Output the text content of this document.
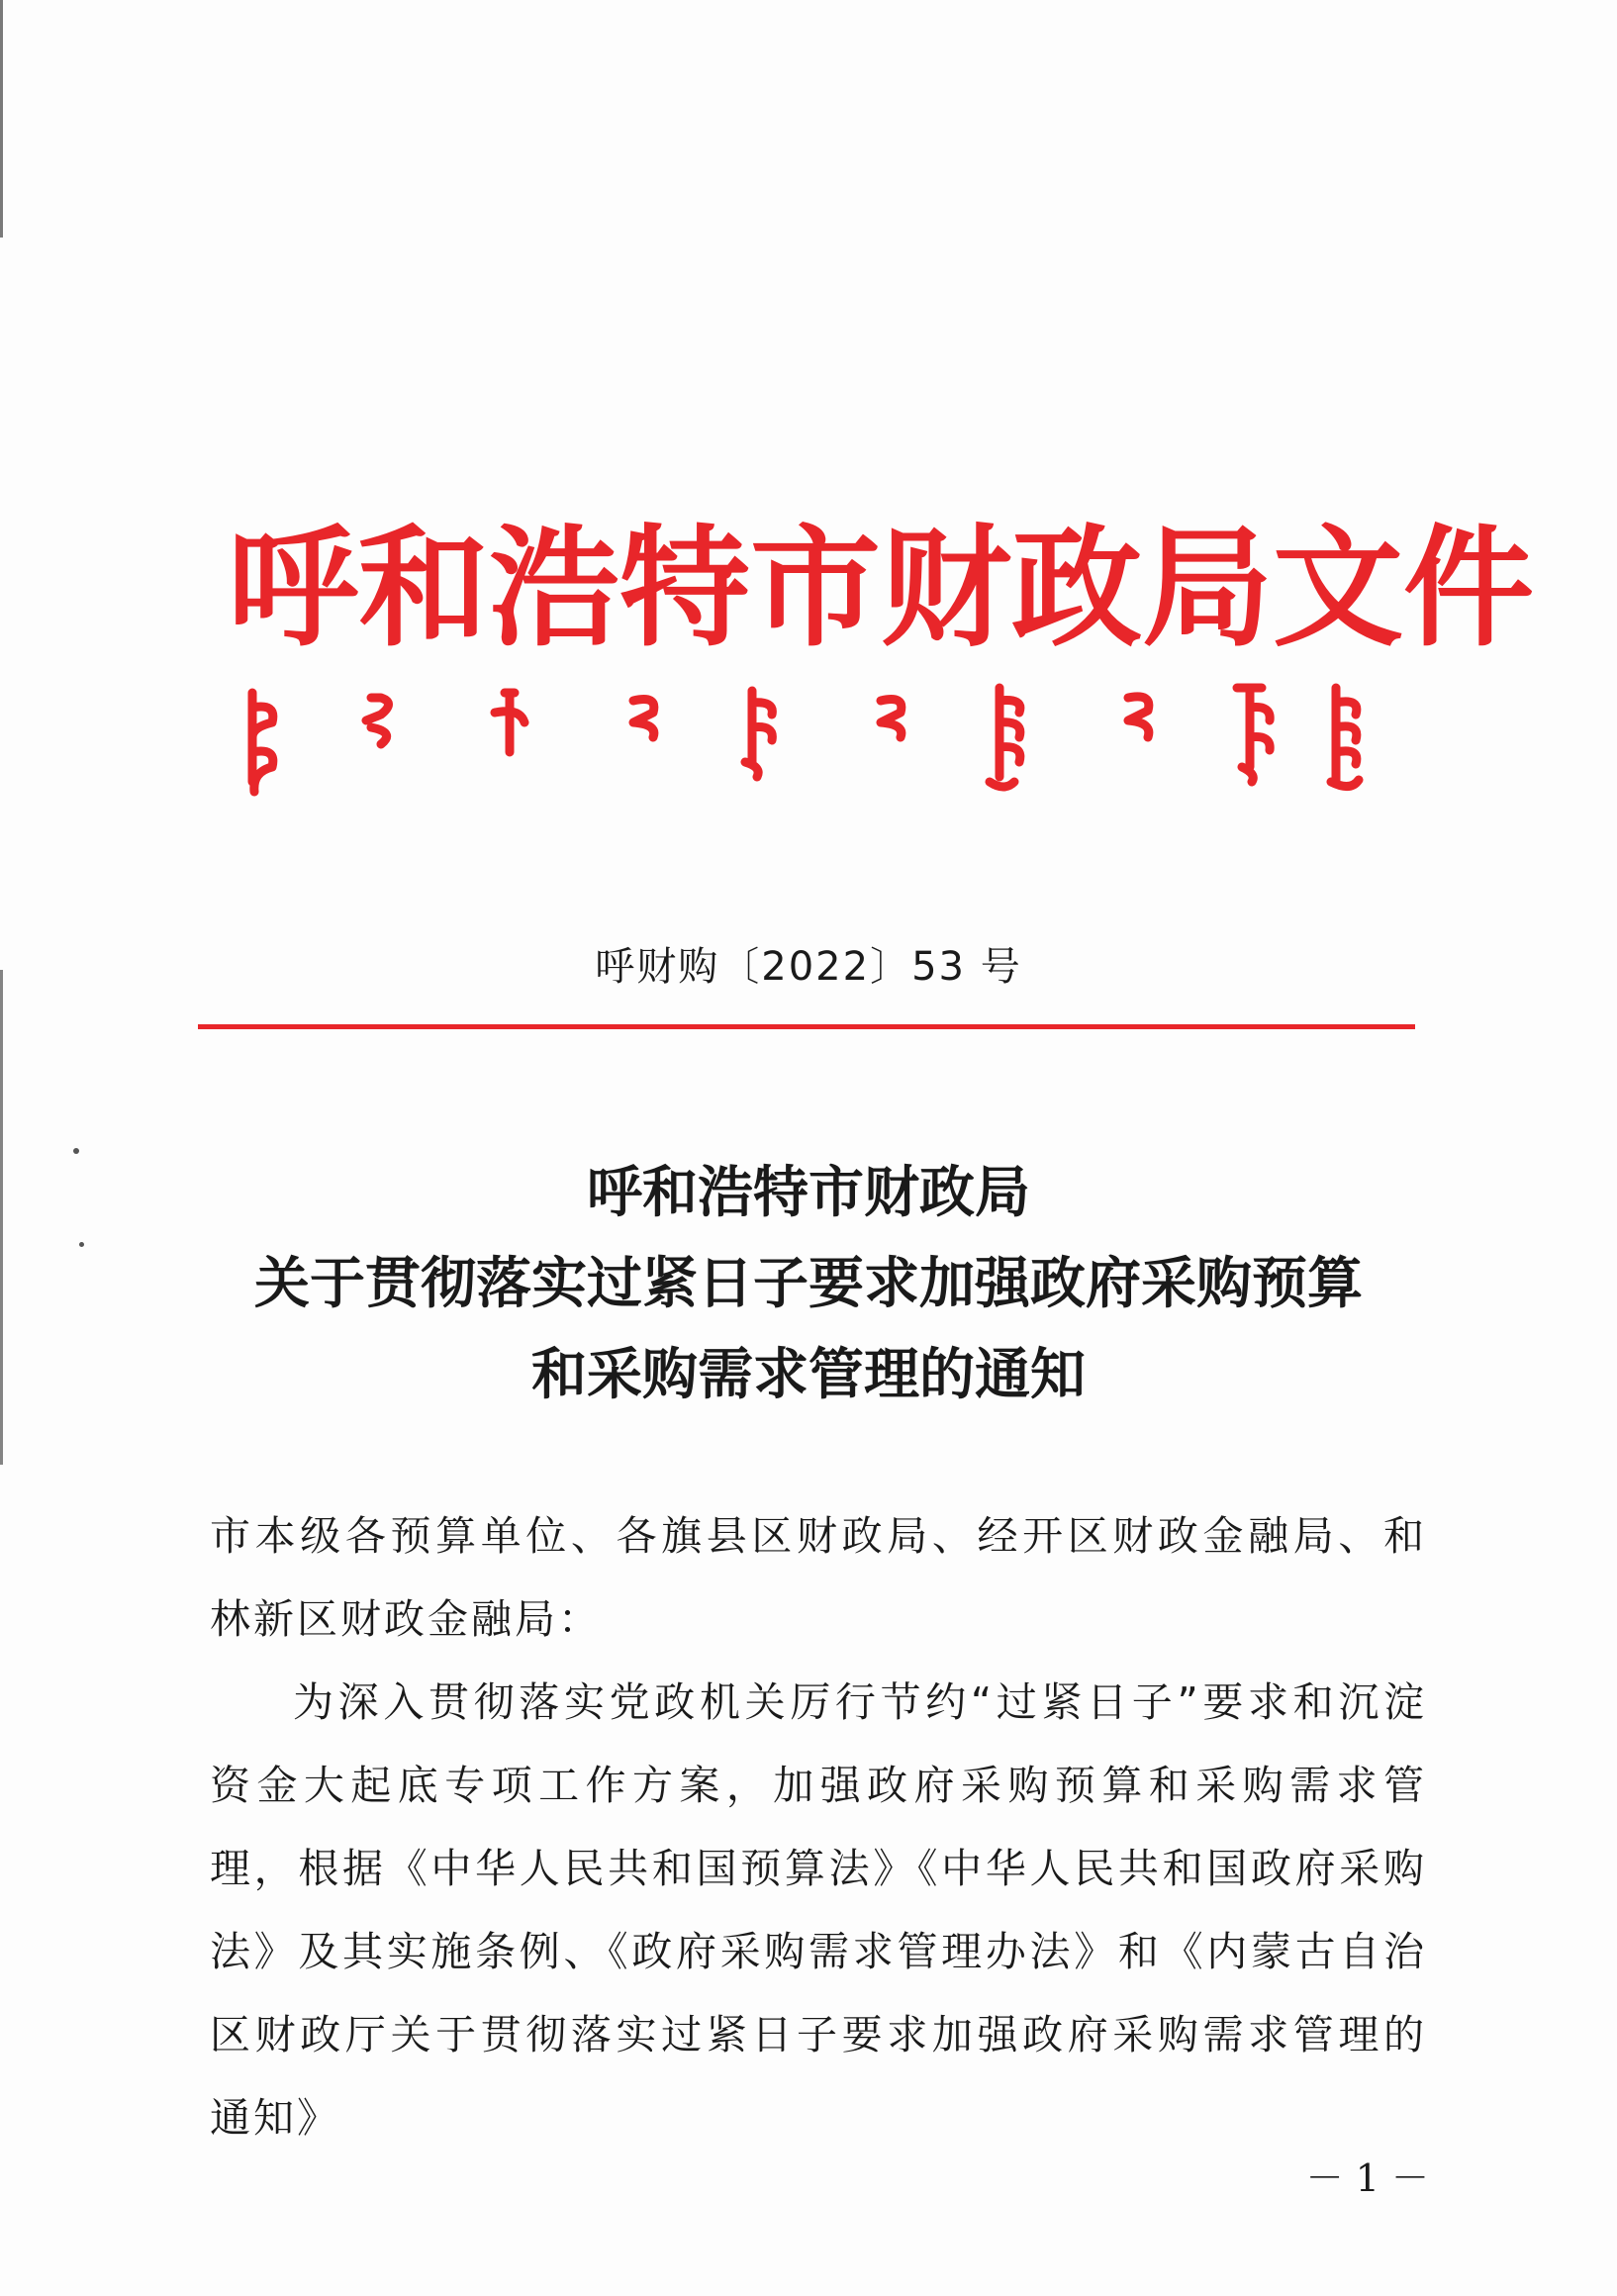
呼 和 浩 特 市 财 政 局 文 件
呼财购〔2022〕53 号
呼和浩特市财政局
关于贯彻落实过紧日子要求加强政府采购预算
和采购需求管理的通知

市本级各预算单位、各旗县区财政局、经开区财政金融局、和林新区财政金融局：

为深入贯彻落实党政机关厉行节约“过紧日子”要求和沉淀资金大起底专项工作方案，加强政府采购预算和采购需求管理，根据《中华人民共和国预算法》《中华人民共和国政府采购法》及其实施条例、《政府采购需求管理办法》和《内蒙古自治区财政厅关于贯彻落实过紧日子要求加强政府采购需求管理的通知》

－ 1 －
